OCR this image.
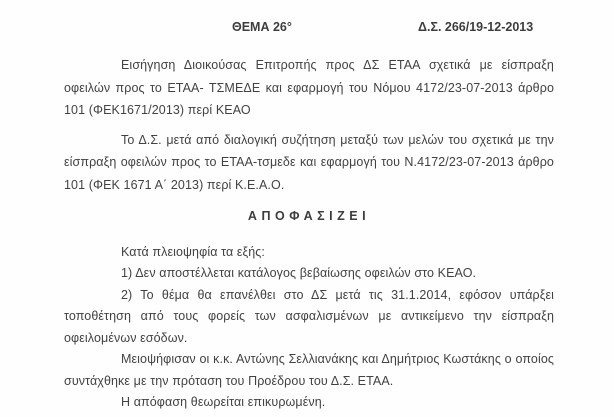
ΘΕΜΑ 26°	Δ.Σ. 266/19-12-2013

Εισήγηση Διοικούσας Επιτροπής προς ΔΣ ΕΤΑΑ σχετικά με είσπραξη οφειλών προς το ΕΤΑΑ- ΤΣΜΕΔΕ και εφαρμογή του Νόμου 4172/23-07-2013 άρθρο 101 (ΦΕΚ1671/2013) περί ΚΕΑΟ

Το Δ.Σ. μετά από διαλογική συζήτηση μεταξύ των μελών του σχετικά με την είσπραξη οφειλών προς το ΕΤΑΑ-τσμεδε και εφαρμογή του Ν.4172/23-07-2013 άρθρο 101 (ΦΕΚ 1671 Α΄ 2013) περί Κ.Ε.Α.Ο.

ΑΠΟΦΑΣΙΖΕΙ

Κατά πλειοψηφία τα εξής:

1) Δεν αποστέλλεται κατάλογος βεβαίωσης οφειλών στο ΚΕΑΟ.

2) Το θέμα θα επανέλθει στο ΔΣ μετά τις 31.1.2014, εφόσον υπάρξει τοποθέτηση από τους φορείς των ασφαλισμένων με αντικείμενο την είσπραξη οφειλομένων εσόδων.

Μειοψήφισαν οι κ.κ. Αντώνης Σελλιανάκης και Δημήτριος Κωστάκης ο οποίος συντάχθηκε με την πρόταση του Προέδρου του Δ.Σ. ΕΤΑΑ.

Η απόφαση θεωρείται επικυρωμένη.
